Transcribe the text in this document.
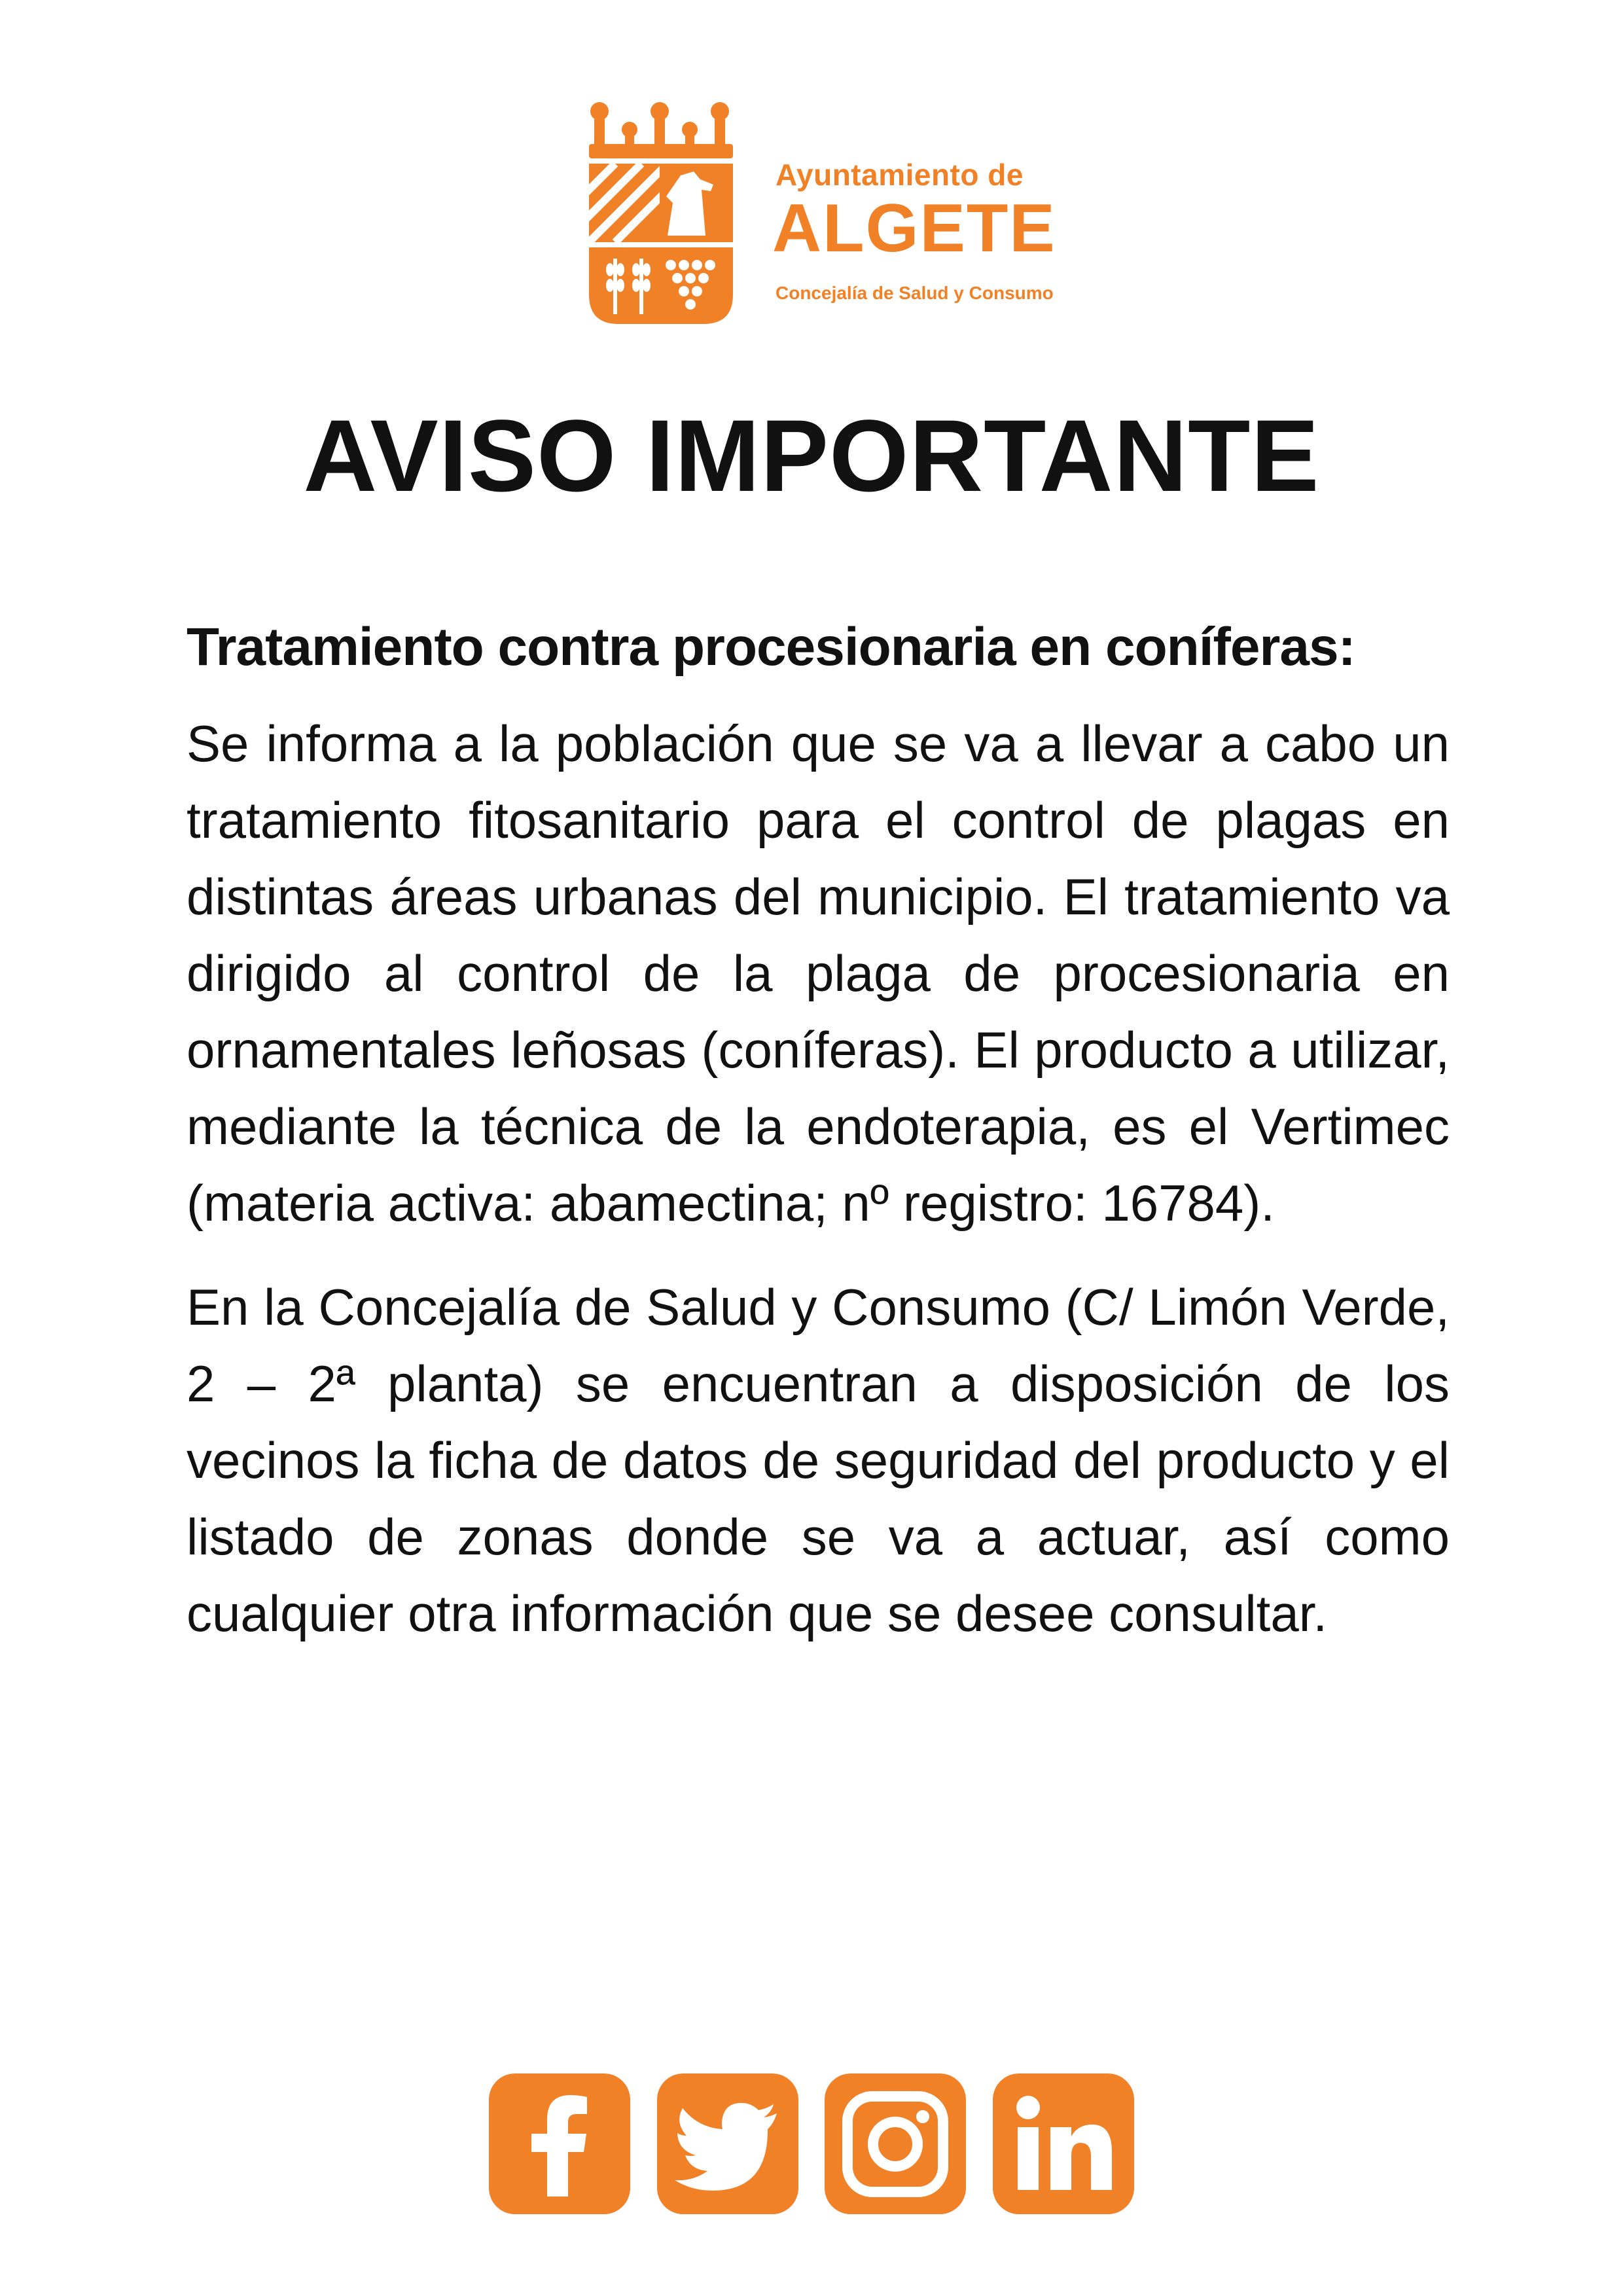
Ayuntamiento de
ALGETE
Concejalía de Salud y Consumo
AVISO IMPORTANTE

Tratamiento contra procesionaria en coníferas:

Se informa a la población que se va a llevar a cabo un tratamiento fitosanitario para el control de plagas en distintas áreas urbanas del municipio. El tratamiento va dirigido al control de la plaga de procesionaria en ornamentales leñosas (coníferas). El producto a utilizar, mediante la técnica de la endoterapia, es el Vertimec (materia activa: abamectina; nº registro: 16784).

En la Concejalía de Salud y Consumo (C/ Limón Verde, 2 – 2ª planta) se encuentran a disposición de los vecinos la ficha de datos de seguridad del producto y el listado de zonas donde se va a actuar, así como cualquier otra información que se desee consultar.
